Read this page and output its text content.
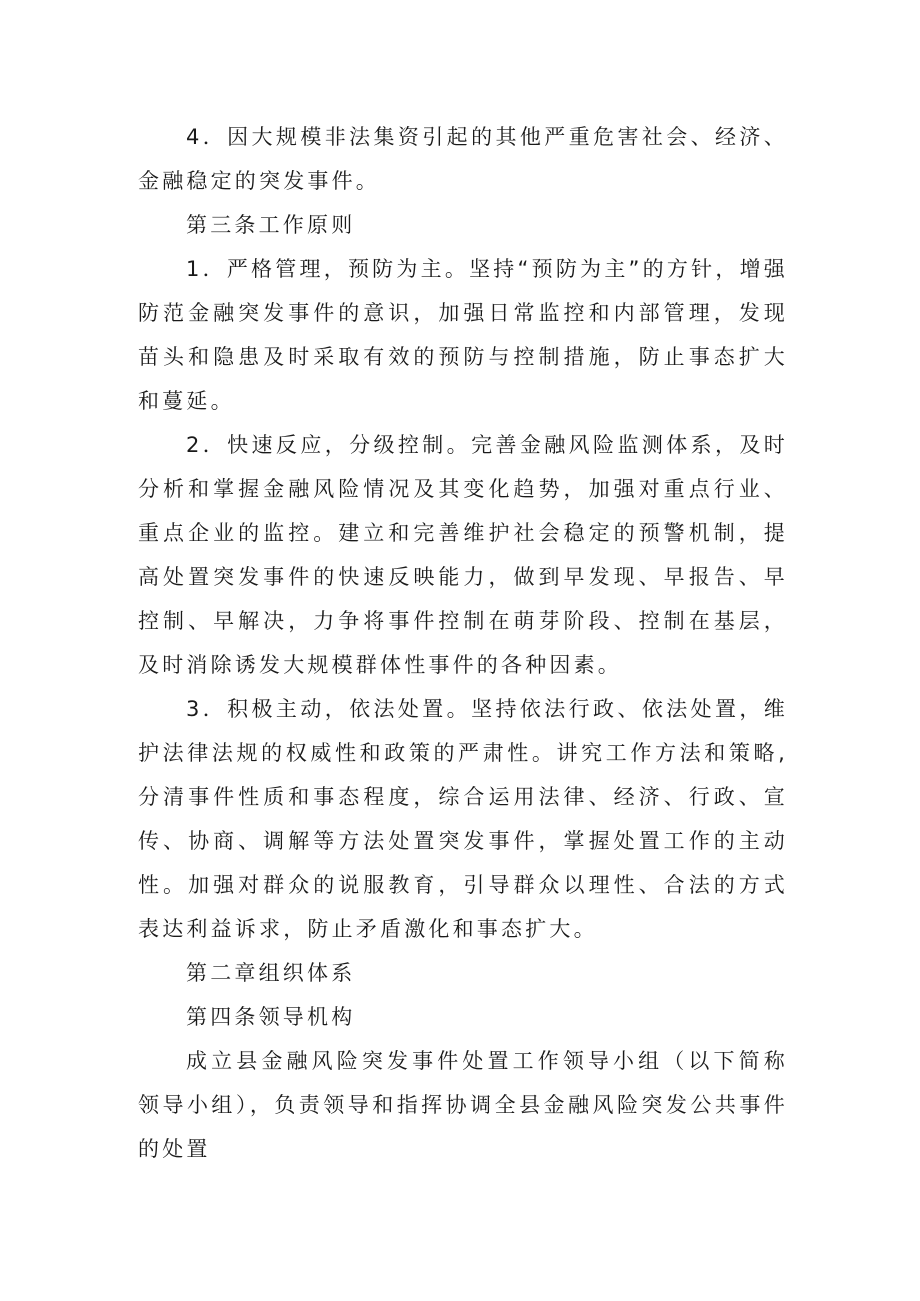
4．因大规模非法集资引起的其他严重危害社会、经济、金融稳定的突发事件。

第三条工作原则

1．严格管理，预防为主。坚持“预防为主”的方针，增强防范金融突发事件的意识，加强日常监控和内部管理，发现苗头和隐患及时采取有效的预防与控制措施，防止事态扩大和蔓延。

2．快速反应，分级控制。完善金融风险监测体系，及时分析和掌握金融风险情况及其变化趋势，加强对重点行业、重点企业的监控。建立和完善维护社会稳定的预警机制，提高处置突发事件的快速反映能力，做到早发现、早报告、早控制、早解决，力争将事件控制在萌芽阶段、控制在基层，及时消除诱发大规模群体性事件的各种因素。

3．积极主动，依法处置。坚持依法行政、依法处置，维护法律法规的权威性和政策的严肃性。讲究工作方法和策略,分清事件性质和事态程度，综合运用法律、经济、行政、宣传、协商、调解等方法处置突发事件，掌握处置工作的主动性。加强对群众的说服教育，引导群众以理性、合法的方式表达利益诉求，防止矛盾激化和事态扩大。

第二章组织体系

第四条领导机构

成立县金融风险突发事件处置工作领导小组（以下简称领导小组），负责领导和指挥协调全县金融风险突发公共事件的处置
